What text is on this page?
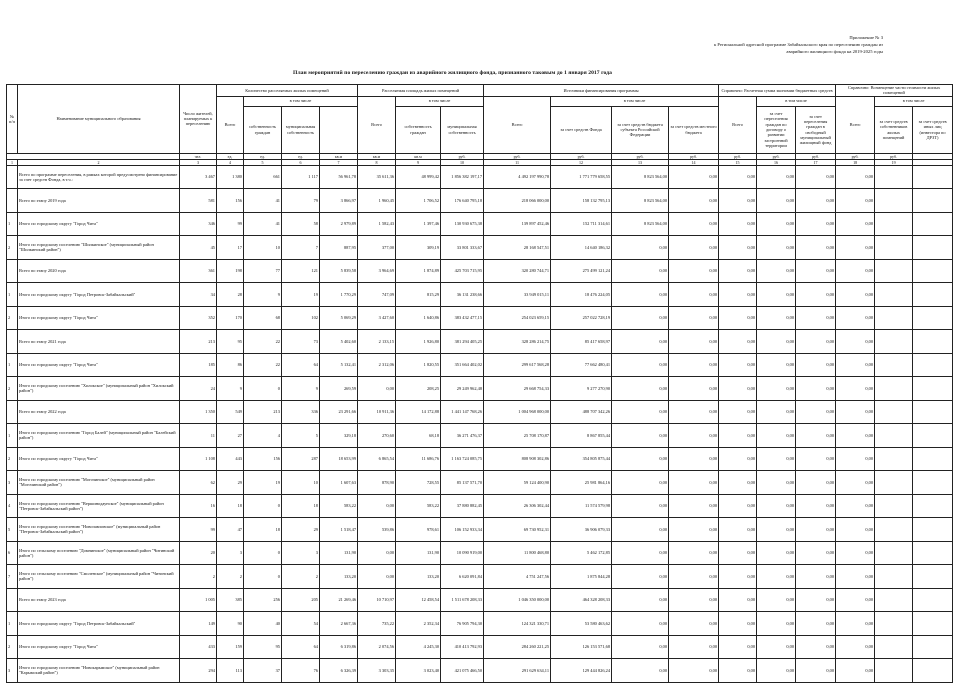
Приложение № 3
к Региональной адресной программе Забайкальского края по переселению граждан из
аварийного жилищного фонда на 2019-2025 годы
План мероприятий по переселению граждан из аварийного жилищного фонда, признанного таковым до 1 января 2017 года
№ п/п	Наименование муниципального образования	Число жителей, планируемых к переселению	Количество расселяемых жилых помещений				Расселяемая площадь жилых помещений			Источники финансирования программы				Справочно: Расчетная сумма экономии бюджетных средств			Справочно: Возмещение части стоимости жилых помещений		
			Всего	в том числе			Всего	в том числе		Всего	в том числе			Всего	в том числе		Всего	в том числе	
				собственность граждан	муниципальная собственность			собственность граждан	муниципальная собственность		за счет средств Фонда	за счет средств бюджета субъекта Российской Федерации	за счет средств местного бюджета		за счет переселения граждан по договору о развитии застроенной территории	за счет переселения граждан в свободный муниципальный жилищный фонд		за счет средств собственников жилых помещений	за счет средств иных лиц (инвестора по ДРЗТ)
		чел.	ед.	ед.	ед.	кв.м	кв.м	кв.м	руб.	руб.	руб.	руб.	руб.	руб.	руб.	руб.	руб.	руб.	
1	2	3	4	5	6	7	8	9	10	11	12	13	14	15	16	17	18	19	
	Всего по программе переселения, в рамках которой предусмотрено финансирование за счет средств Фонда, в т.ч.:	3 467	1 380	661	1 117	56 961,78	35 611,36	48 999,42	1 856 382 197,17	4 492 197 990,78	1 771 779 658,55	8 823 564,00	0,00	0,00	0,00	0,00	0,00		
	Всего по этапу 2019 года	581	156	41	79	3 866,97	1 960,45	1 706,52	176 640 795,18	218 066 000,00	158 132 795,13	8 823 564,00	0,00	0,00	0,00	0,00	0,00		
1	Итого по городскому округу "Город Чита"	346	99	41	58	2 979,89	1 582,43	1 397,46	130 930 675,38	139 897 452,46	152 711 314,61	8 823 564,00	0,00	0,00	0,00	0,00	0,00		
2	Итого по городскому поселению "Шилкинское" (муниципальный район "Шилкинский район")	45	17	10	7	887,95	377,00	309,19	33 801 333,67	28 168 547,51	14 640 186,32	0,00	0,00	0,00	0,00	0,00	0,00		
	Всего по этапу 2020 года	361	198	77	121	5 839,58	3 964,69	1 874,89	425 703 715,95	320 280 744,71	275 499 121,24	0,00	0,00	0,00	0,00	0,00	0,00		
1	Итого по городскому округу "Город Петровск-Забайкальский"	34	28	9	19	1 770,29	747,09	815,29	36 131 238,66	33 949 015,11	18 476 224,05	0,00	0,00	0,00	0,00	0,00	0,00		
2	Итого по городскому округу "Город Чита"	352	170	68	102	5 069,29	3 427,60	1 640,86	383 432 477,15	254 023 659,15	257 022 728,19	0,00	0,00	0,00	0,00	0,00	0,00		
	Всего по этапу 2021 года	213	95	22	73	5 402,60	2 133,15	1 926,80	381 294 405,25	328 286 214,75	85 417 658,97	0,00	0,00	0,00	0,00	0,00	0,00		
1	Итого по городскому округу "Город Чита"	185	86	22	64	5 132,41	2 312,06	1 820,55	351 664 402,02	299 617 568,28	77 662 480,41	0,00	0,00	0,00	0,00	0,00	0,00		
2	Итого по городскому поселению "Хилокское" (муниципальный район "Хилокский район")	24	9	0	9	269,59	0,00	208,25	29 249 962,48	29 668 754,33	9 277 270,90	0,00	0,00	0,00	0,00	0,00	0,00		
	Всего по этапу 2022 года	1 350	549	213	336	23 291,66	10 911,36	14 172,88	1 441 147 768,26	1 004 968 000,00	488 707 342,26	0,00	0,00	0,00	0,00	0,00	0,00		
1	Итого по городскому поселению "Город Балей" (муниципальный район "Балейский район")	11	27	4	5	329,18	270,60	68,18	36 271 476,37	25 708 170,87	8 867 855,44	0,00	0,00	0,00	0,00	0,00	0,00		
2	Итого по городскому округу "Город Чита"	1 108	443	156	287	18 653,99	6 865,54	11 686,76	1 163 724 085,75	808 908 302,86	354 805 875,44	0,00	0,00	0,00	0,00	0,00	0,00		
3	Итого по городскому поселению "Могочинское" (муниципальный район "Могочинский район")	62	29	19	10	1 607,63	878,90	728,55	85 137 571,70	59 124 400,90	25 981 864,16	0,00	0,00	0,00	0,00	0,00	0,00		
4	Итого по городскому поселению "Вершинодаунское" (муниципальный район "Петровск-Забайкальский район")	16	18	0	18	583,22	0,00	583,22	37 880 882,45	26 306 302,44	11 574 579,98	0,00	0,00	0,00	0,00	0,00	0,00		
5	Итого по городскому поселению "Новопавловское" (муниципальный район "Петровск-Забайкальский район")	99	47	18	29	1 518,47	539,86	978,61	106 152 933,34	69 730 952,31	36 906 079,33	0,00	0,00	0,00	0,00	0,00	0,00		
6	Итого по сельскому поселению "Домнинское" (муниципальный район "Читинский район")	20	3	0	3	131,90	0,00	131,90	10 090 919,00	11 800 468,80	5 462 172,85	0,00	0,00	0,00	0,00	0,00	0,00		
7	Итого по сельскому поселению "Смоленское" (муниципальный район "Читинский район")	2	2	0	2	133,20	0,00	133,20	6 620 091,84	4 751 247,56	1 875 844,28	0,00	0,00	0,00	0,00	0,00	0,00		
	Всего по этапу 2023 года	1 005	385	256	205	21 269,46	10 710,97	12 458,54	1 511 678 208,33	1 046 350 000,00	464 328 208,33	0,00	0,00	0,00	0,00	0,00	0,00		
1	Итого по городскому округу "Город Петровск-Забайкальский"	149	90	40	54	2 667,36	735,22	2 352,34	76 905 794,30	124 321 330,71	53 580 463,62	0,00	0,00	0,00	0,00	0,00	0,00		
2	Итого по городскому округу "Город Чита"	433	159	95	64	6 319,86	2 074,56	4 245,30	410 413 792,93	284 260 221,25	126 153 571,68	0,00	0,00	0,00	0,00	0,00	0,00		
3	Итого по городскому поселению "Новокарымское" (муниципальный район "Карымский район")	294	113	37	76	6 326,39	3 303,35	3 023,40	421 075 466,50	291 629 634,11	129 444 826,24	0,00	0,00	0,00	0,00	0,00	0,00		
